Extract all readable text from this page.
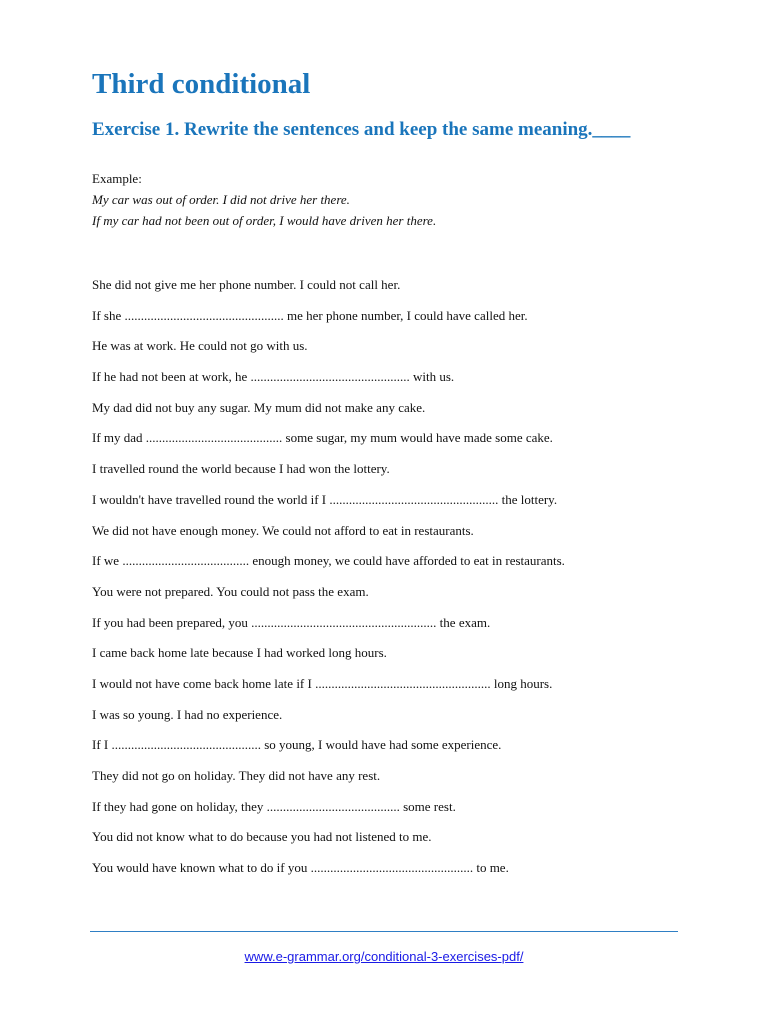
Third conditional
Exercise 1. Rewrite the sentences and keep the same meaning.____
Example:
My car was out of order. I did not drive her there.
If my car had not been out of order, I would have driven her there.
She did not give me her phone number. I could not call her.
If she ................................................. me her phone number, I could have called her.
He was at work. He could not go with us.
If he had not been at work, he ................................................. with us.
My dad did not buy any sugar. My mum did not make any cake.
If my dad .......................................... some sugar, my mum would have made some cake.
I travelled round the world because I had won the lottery.
I wouldn't have travelled round the world if I .................................................... the lottery.
We did not have enough money. We could not afford to eat in restaurants.
If we ....................................... enough money, we could have afforded to eat in restaurants.
You were not prepared. You could not pass the exam.
If you had been prepared, you ......................................................... the exam.
I came back home late because I had worked long hours.
I would not have come back home late if I ...................................................... long hours.
I was so young. I had no experience.
If I .............................................. so young, I would have had some experience.
They did not go on holiday. They did not have any rest.
If they had gone on holiday, they ......................................... some rest.
You did not know what to do because you had not listened to me.
You would have known what to do if you .................................................. to me.
www.e-grammar.org/conditional-3-exercises-pdf/
